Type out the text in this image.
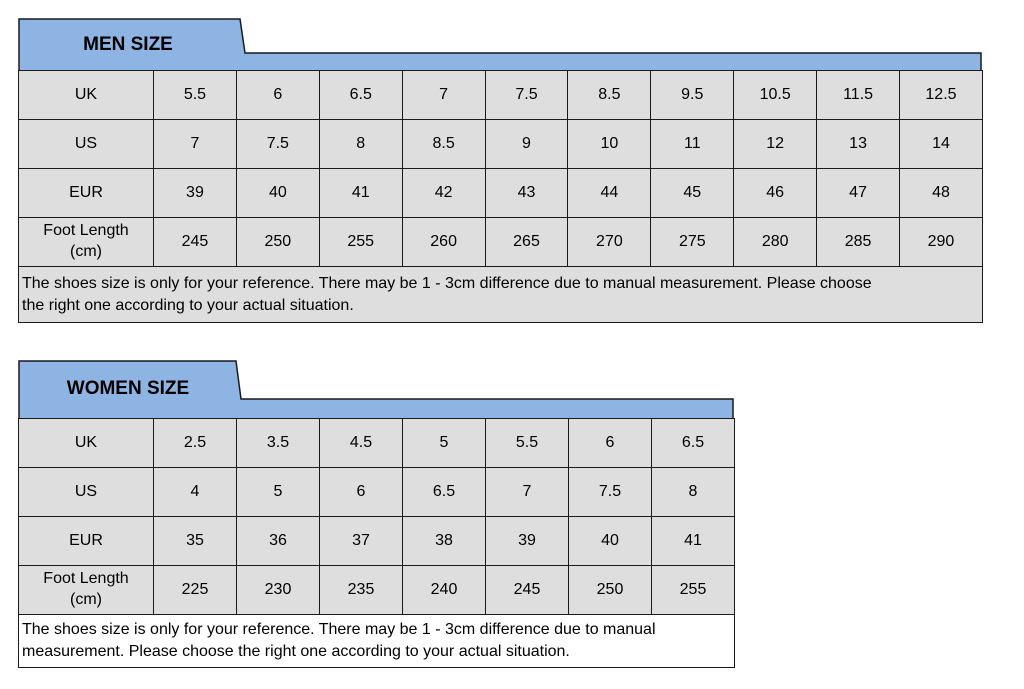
MEN SIZE
UK	5.5	6	6.5	7	7.5	8.5	9.5	10.5	11.5	12.5
US	7	7.5	8	8.5	9	10	11	12	13	14
EUR	39	40	41	42	43	44	45	46	47	48

Foot Length
(cm)	245	250	255	260	265	270	275	280	285	290

The shoes size is only for your reference. There may be 1 - 3cm difference due to manual measurement. Please choose
the right one according to your actual situation.										
WOMEN SIZE
UK	2.5	3.5	4.5	5	5.5	6	6.5
US	4	5	6	6.5	7	7.5	8
EUR	35	36	37	38	39	40	41

Foot Length
(cm)	225	230	235	240	245	250	255

The shoes size is only for your reference. There may be 1 - 3cm difference due to manual
measurement. Please choose the right one according to your actual situation.							
